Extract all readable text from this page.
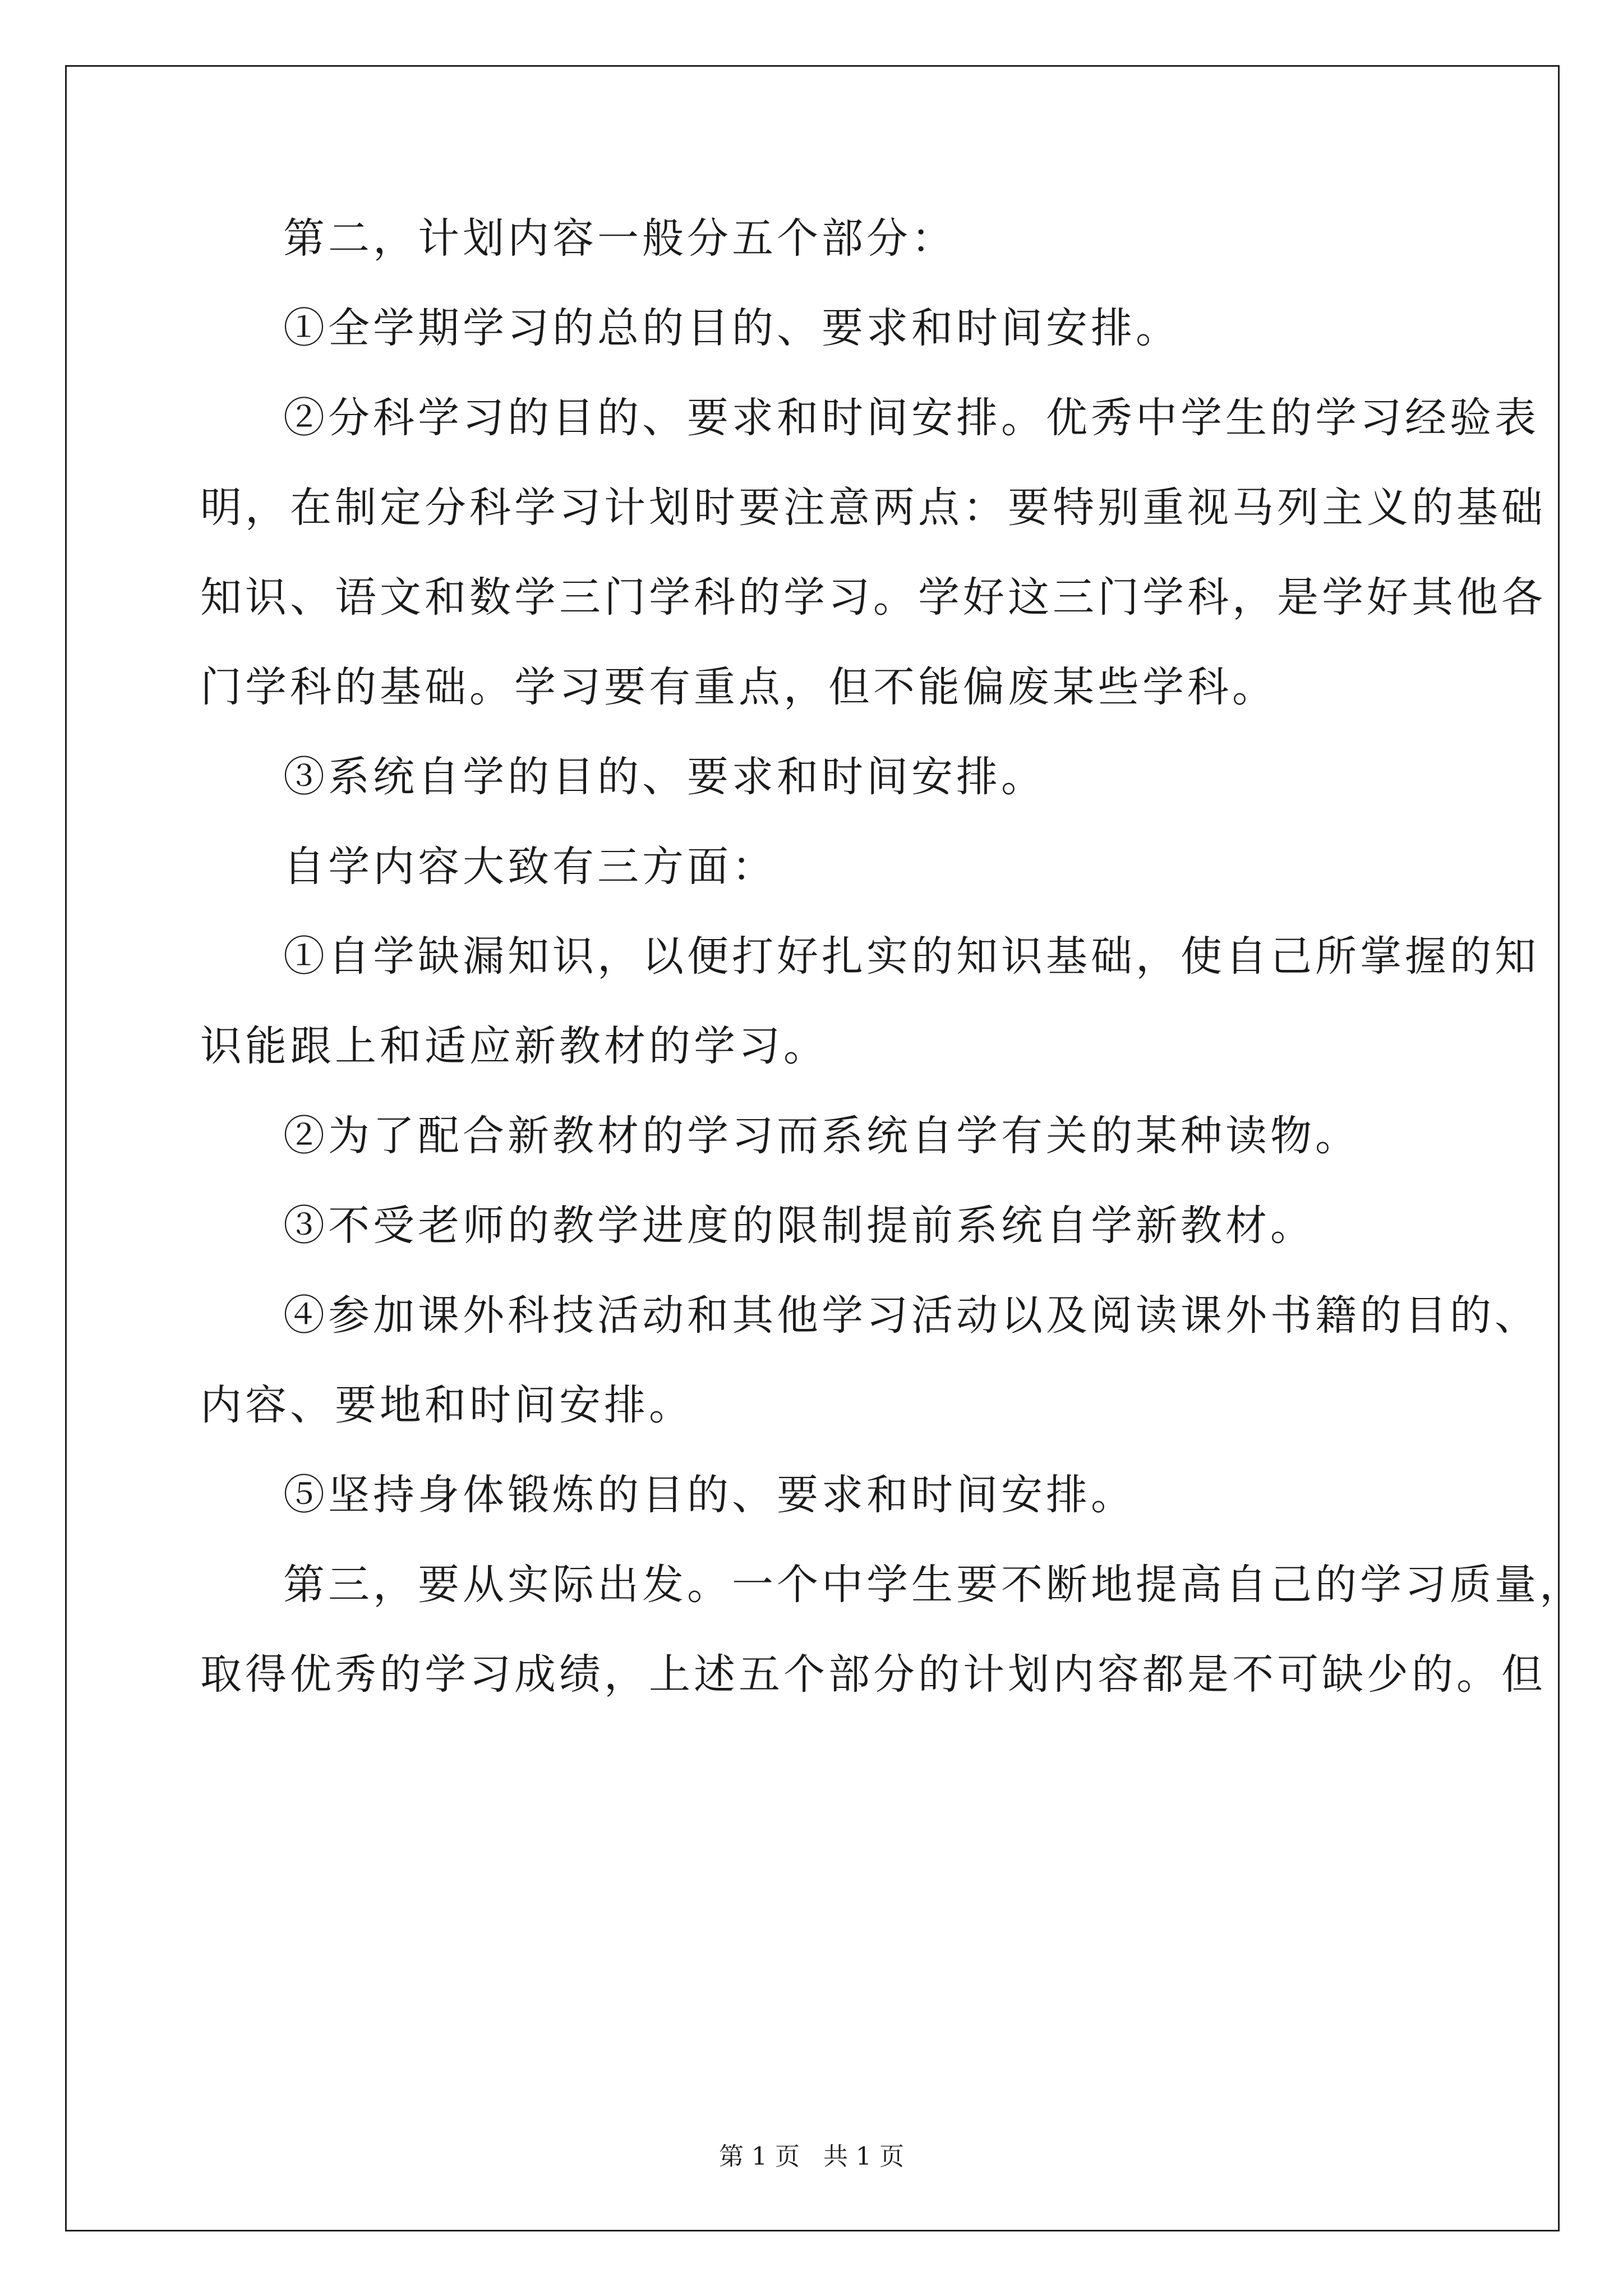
第二，计划内容一般分五个部分：
①全学期学习的总的目的、要求和时间安排。
②分科学习的目的、要求和时间安排。优秀中学生的学习经验表
明，在制定分科学习计划时要注意两点：要特别重视马列主义的基础
知识、语文和数学三门学科的学习。学好这三门学科，是学好其他各
门学科的基础。学习要有重点，但不能偏废某些学科。
③系统自学的目的、要求和时间安排。
自学内容大致有三方面：
①自学缺漏知识，以便打好扎实的知识基础，使自己所掌握的知
识能跟上和适应新教材的学习。
②为了配合新教材的学习而系统自学有关的某种读物。
③不受老师的教学进度的限制提前系统自学新教材。
④参加课外科技活动和其他学习活动以及阅读课外书籍的目的、
内容、要地和时间安排。
⑤坚持身体锻炼的目的、要求和时间安排。
第三，要从实际出发。一个中学生要不断地提高自己的学习质量，
取得优秀的学习成绩，上述五个部分的计划内容都是不可缺少的。但
第 1 页   共 1 页
